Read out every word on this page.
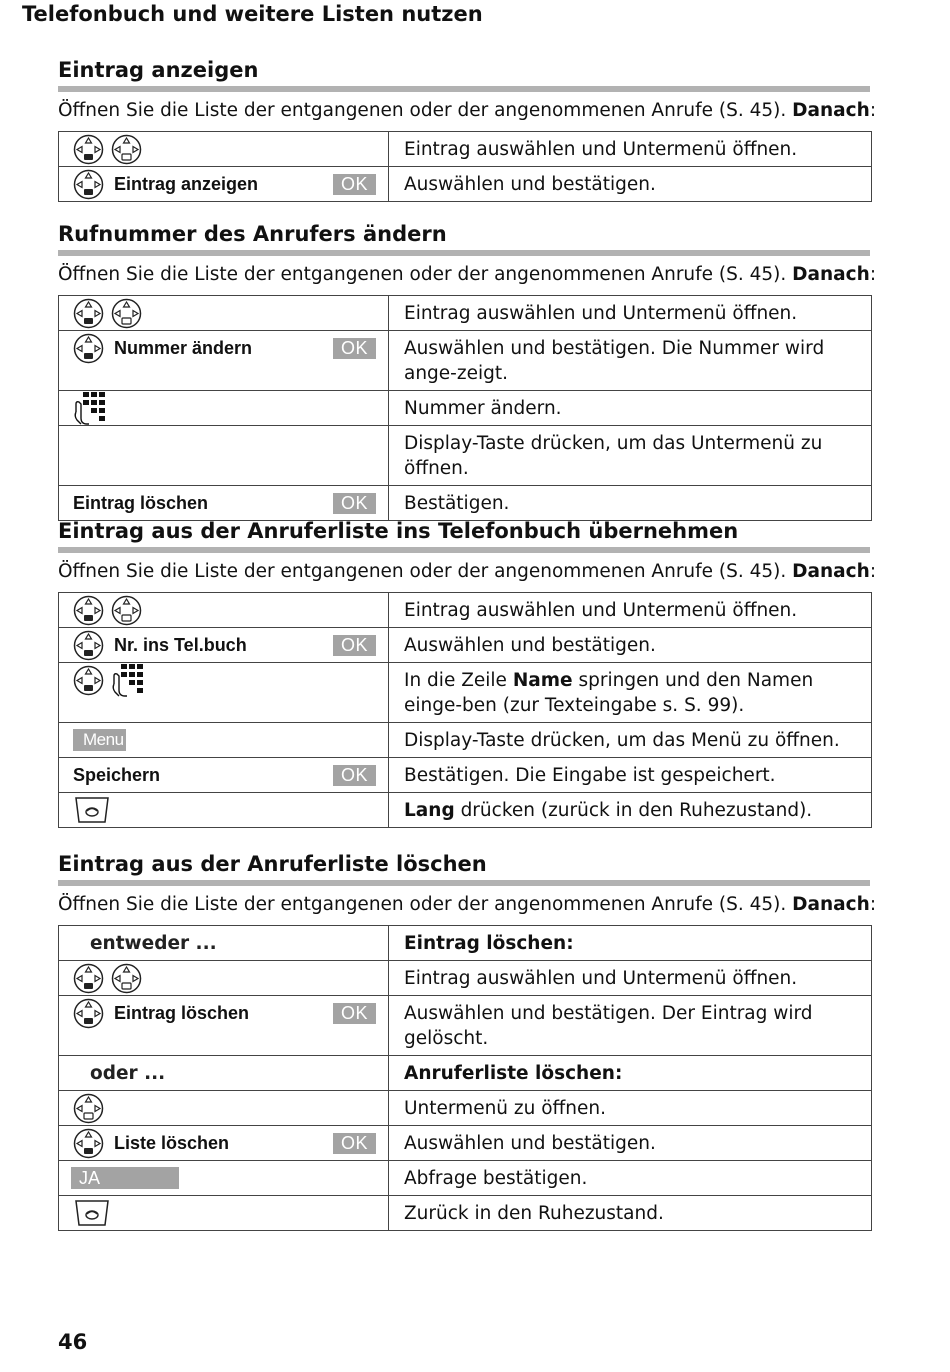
Telefonbuch und weitere Listen nutzen
Eintrag anzeigen
Öffnen Sie die Liste der entgangenen oder der angenommenen Anrufe (S. 45). Danach:
	Eintrag auswählen und Untermenü öffnen.

Eintrag anzeigen OK	Auswählen und bestätigen.
Rufnummer des Anrufers ändern
Öffnen Sie die Liste der entgangenen oder der angenommenen Anrufe (S. 45). Danach:
	Eintrag auswählen und Untermenü öffnen.

Nummer ändern OK	Auswählen und bestätigen. Die Nummer wird ange-zeigt.

	Nummer ändern.

	Display-Taste drücken, um das Untermenü zu öffnen.

Eintrag löschen OK	Bestätigen.
Eintrag aus der Anruferliste ins Telefonbuch übernehmen
Öffnen Sie die Liste der entgangenen oder der angenommenen Anrufe (S. 45). Danach:
	Eintrag auswählen und Untermenü öffnen.

Nr. ins Tel.buch OK	Auswählen und bestätigen.

	In die Zeile Name springen und den Namen einge-ben (zur Texteingabe s. S. 99).

Menu	Display-Taste drücken, um das Menü zu öffnen.

Speichern OK	Bestätigen. Die Eingabe ist gespeichert.

	Lang drücken (zurück in den Ruhezustand).
Eintrag aus der Anruferliste löschen
Öffnen Sie die Liste der entgangenen oder der angenommenen Anrufe (S. 45). Danach:
entweder ...	Eintrag löschen:

	Eintrag auswählen und Untermenü öffnen.

Eintrag löschen OK	Auswählen und bestätigen. Der Eintrag wird gelöscht.

oder ...	Anruferliste löschen:

	Untermenü zu öffnen.

Liste löschen OK	Auswählen und bestätigen.

JA	Abfrage bestätigen.

	Zurück in den Ruhezustand.
46
